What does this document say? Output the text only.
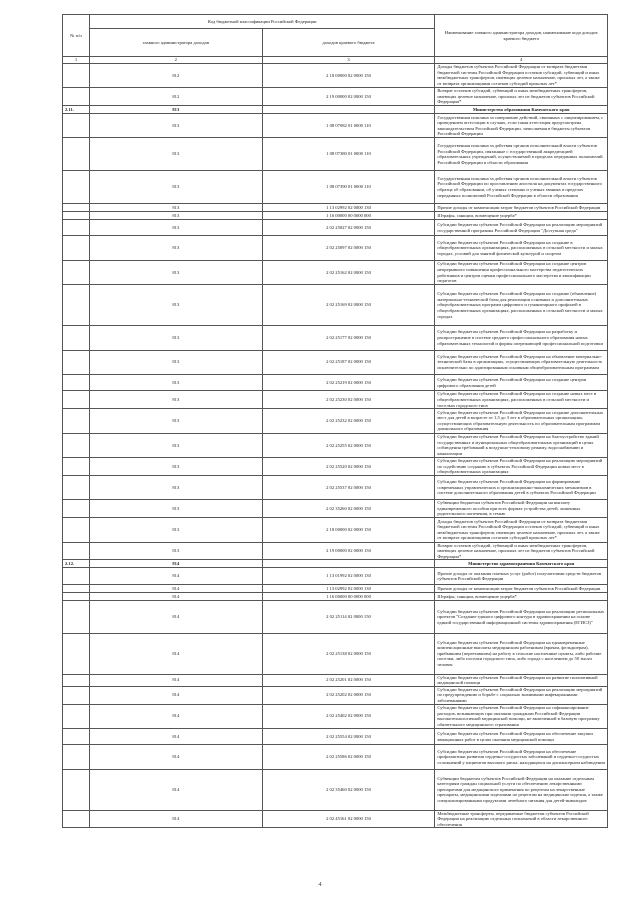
№ п/п	Код бюджетной классификации Российской Федерации		Наименование главного администратора доходов, наименование кода доходов краевого бюджета
	главного администратора доходов	доходов краевого бюджета	
1	2	3	4
	812	2 18 00000 02 0000 150	Доходы бюджетов субъектов Российской Федерации от возврата бюджетами бюджетной системы Российской Федерации остатков субсидий, субвенций и иных межбюджетных трансфертов, имеющих целевое назначение, прошлых лет, а также от возврата организациями остатков субсидий прошлых лет*
	812	2 19 00000 02 0000 150	Возврат остатков субсидий, субвенций и иных межбюджетных трансфертов, имеющих целевое назначение, прошлых лет из бюджетов субъектов Российской Федерации*
2.11.	813		Министерство образования Камчатского края
	813	1 08 07082 01 0000 110	Государственная пошлина за совершение действий, связанных с лицензированием, с проведением аттестации в случаях, если такая аттестация предусмотрена законодательством Российской Федерации, зачисляемая в бюджеты субъектов Российской Федерации
	813	1 08 07380 01 0000 110	Государственная пошлина за действия органов исполнительной власти субъектов Российской Федерации, связанные с государственной аккредитацией образовательных учреждений, осуществляемой в пределах переданных полномочий Российской Федерации в области образования
	813	1 08 07390 01 0000 110	Государственная пошлина за действия органов исполнительной власти субъектов Российской Федерации по проставлению апостиля на документах государственного образца об образовании, об ученых степенях и ученых званиях в пределах переданных полномочий Российской Федерации в области образования
	813	1 13 02992 02 0000 130	Прочие доходы от компенсации затрат бюджетов субъектов Российской Федерации
	813	1 16 00000 00 0000 000	Штрафы, санкции, возмещение ущерба*
	813	2 02 25027 02 0000 150	Субсидии бюджетам субъектов Российской Федерации на реализацию мероприятий государственной программы Российской Федерации "Доступная среда"
	813	2 02 25097 02 0000 150	Субсидии бюджетам субъектов Российской Федерации на создание в общеобразовательных организациях, расположенных в сельской местности и малых городах, условий для занятий физической культурой и спортом
	813	2 02 25162 02 0000 150	Субсидии бюджетам субъектов Российской Федерации на создание центров непрерывного повышения профессионального мастерства педагогических работников и центров оценки профессионального мастерства и квалификации педагогов
	813	2 02 25169 02 0000 150	Субсидии бюджетам субъектов Российской Федерации на создание (обновление) материально-технической базы для реализации основных и дополнительных общеобразовательных программ цифрового и гуманитарного профилей в общеобразовательных организациях, расположенных в сельской местности и малых городах
	813	2 02 25177 02 0000 150	Субсидии бюджетам субъектов Российской Федерации на разработку и распространение в системе среднего профессионального образования новых образовательных технологий и формы опережающей профессиональной подготовки
	813	2 02 25187 02 0000 150	Субсидии бюджетам субъектов Российской Федерации на обновление материально-технической базы в организациях, осуществляющих образовательную деятельность исключительно по адаптированным основным общеобразовательным программам
	813	2 02 25219 02 0000 150	Субсидии бюджетам субъектов Российской Федерации на создание центров цифрового образования детей
	813	2 02 25230 02 0000 150	Субсидии бюджетам субъектов Российской Федерации на создание новых мест в общеобразовательных организациях, расположенных в сельской местности и поселках городского типа
	813	2 02 25232 02 0000 150	Субсидии бюджетам субъектов Российской Федерации на создание дополнительных мест для детей в возрасте от 1,5 до 3 лет в образовательных организациях, осуществляющих образовательную деятельность по образовательным программам дошкольного образования
	813	2 02 25255 02 0000 150	Субсидии бюджетам субъектов Российской Федерации на благоустройство зданий государственных и муниципальных общеобразовательных организаций в целях соблюдения требований к воздушно-тепловому режиму, водоснабжению и канализации
	813	2 02 25520 02 0000 150	Субсидии бюджетам субъектов Российской Федерации на реализацию мероприятий по содействию созданию в субъектах Российской Федерации новых мест в общеобразовательных организациях
	813	2 02 25537 02 0000 150	Субсидии бюджетам субъектов Российской Федерации на формирование современных управленческих и организационно-экономических механизмов в системе дополнительного образования детей в субъектах Российской Федерации
	813	2 02 35260 02 0000 150	Субвенции бюджетам субъектов Российской Федерации на выплату единовременного пособия при всех формах устройства детей, лишенных родительского попечения, в семью
	813	2 18 00000 02 0000 150	Доходы бюджетов субъектов Российской Федерации от возврата бюджетами бюджетной системы Российской Федерации остатков субсидий, субвенций и иных межбюджетных трансфертов, имеющих целевое назначение, прошлых лет, а также от возврата организациями остатков субсидий прошлых лет*
	813	2 19 00000 02 0000 150	Возврат остатков субсидий, субвенций и иных межбюджетных трансфертов, имеющих целевое назначение, прошлых лет из бюджетов субъектов Российской Федерации*
2.12.	814		Министерство здравоохранения Камчатского края
	814	1 13 01992 02 0000 130	Прочие доходы от оказания платных услуг (работ) получателями средств бюджетов субъектов Российской Федерации
	814	1 13 02992 02 0000 130	Прочие доходы от компенсации затрат бюджетов субъектов Российской Федерации
	814	1 16 00000 00 0000 000	Штрафы, санкции, возмещение ущерба*
	814	2 02 25114 02 0000 150	Субсидии бюджетам субъектов Российской Федерации на реализацию региональных проектов "Создание единого цифрового контура в здравоохранении на основе единой государственной информационной системы здравоохранения (ЕГИСЗ)"
	814	2 02 25138 02 0000 150	Субсидии бюджетам субъектов Российской Федерации на единовременные компенсационные выплаты медицинским работникам (врачам, фельдшерам), прибывшим (переехавшим) на работу в сельские населенные пункты, либо рабочие поселки, либо поселки городского типа, либо города с населением до 50 тысяч человек
	814	2 02 25201 02 0000 150	Субсидии бюджетам субъектов Российской Федерации на развитие паллиативной медицинской помощи
	814	2 02 25202 02 0000 150	Субсидии бюджетам субъектов Российской Федерации на реализацию мероприятий по предупреждению и борьбе с социально значимыми инфекционными заболеваниями
	814	2 02 25402 02 0000 150	Субсидии бюджетам субъектов Российской Федерации на софинансирование расходов, возникающих при оказании гражданам Российской Федерации высокотехнологичной медицинской помощи, не включенной в базовую программу обязательного медицинского страхования
	814	2 02 25554 02 0000 150	Субсидии бюджетам субъектов Российской Федерации на обеспечение закупки авиационных работ в целях оказания медицинской помощи
	814	2 02 25586 02 0000 150	Субсидии бюджетам субъектов Российской Федерации на обеспечение профилактики развития сердечно-сосудистых заболеваний и сердечно-сосудистых осложнений у пациентов высокого риска, находящихся на диспансерном наблюдении
	814	2 02 35460 02 0000 150	Субвенции бюджетам субъектов Российской Федерации на оказание отдельным категориям граждан социальной услуги по обеспечению лекарственными препаратами для медицинского применения по рецептам на лекарственные препараты, медицинскими изделиями по рецептам на медицинские изделия, а также специализированными продуктами лечебного питания для детей-инвалидов
	814	2 02 45161 02 0000 150	Межбюджетные трансферты, передаваемые бюджетам субъектов Российской Федерации на реализацию отдельных полномочий в области лекарственного обеспечения
4
